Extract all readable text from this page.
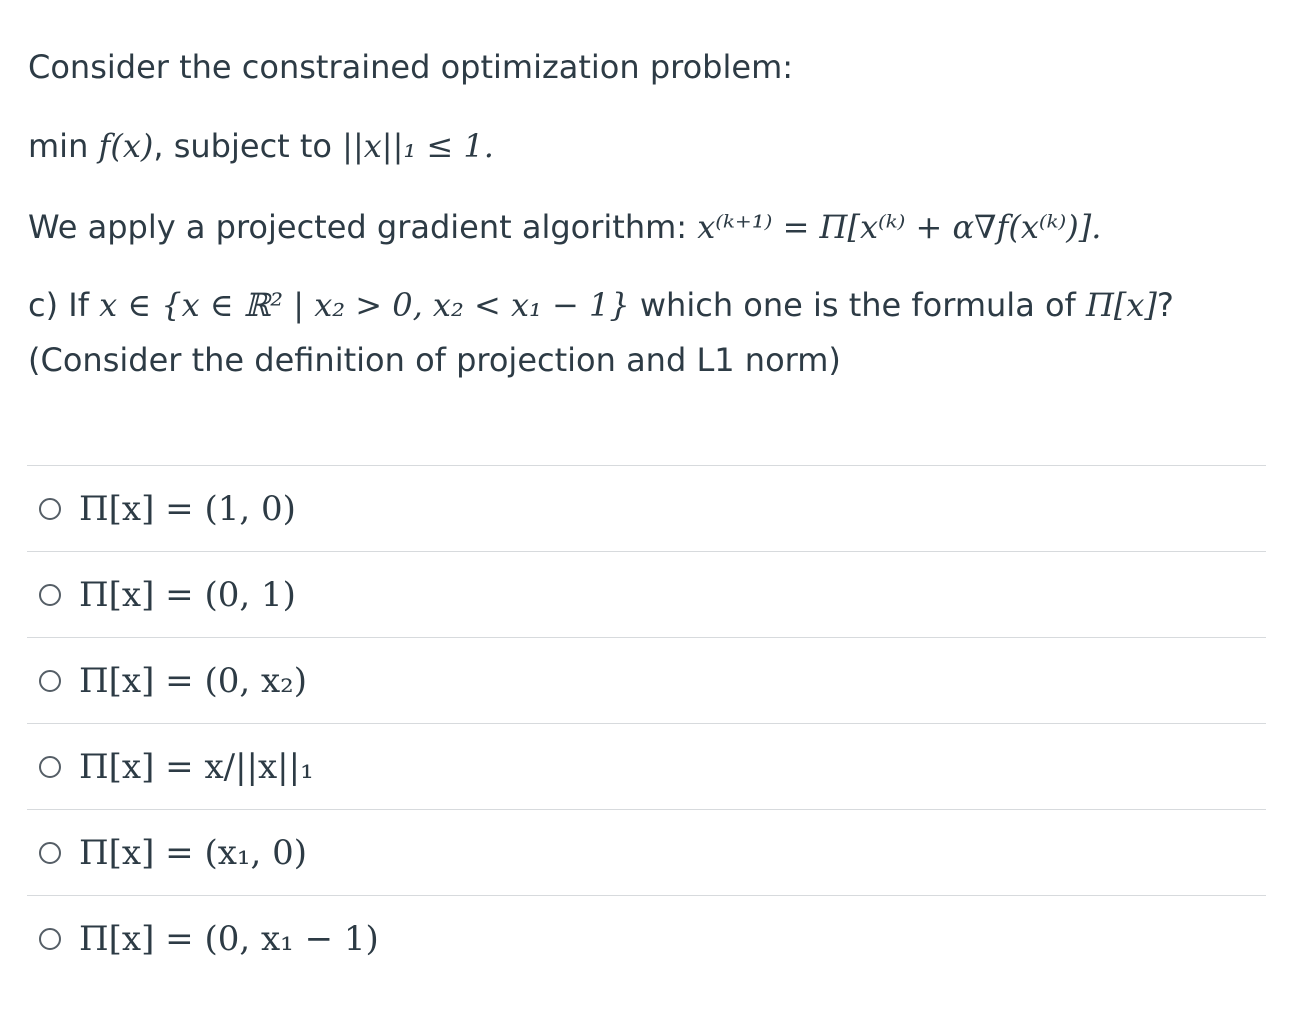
Consider the constrained optimization problem:

min f(x), subject to ||x||₁ ≤ 1.

We apply a projected gradient algorithm: x⁽ᵏ⁺¹⁾ = Π[x⁽ᵏ⁾ + α∇f(x⁽ᵏ⁾)].

c) If x ∈ {x ∈ ℝ² | x₂ > 0, x₂ < x₁ − 1} which one is the formula of Π[x]?

(Consider the definition of projection and L1 norm)

Π[x] = (1, 0)
Π[x] = (0, 1)
Π[x] = (0, x₂)
Π[x] = x/||x||₁
Π[x] = (x₁, 0)
Π[x] = (0, x₁ − 1)
